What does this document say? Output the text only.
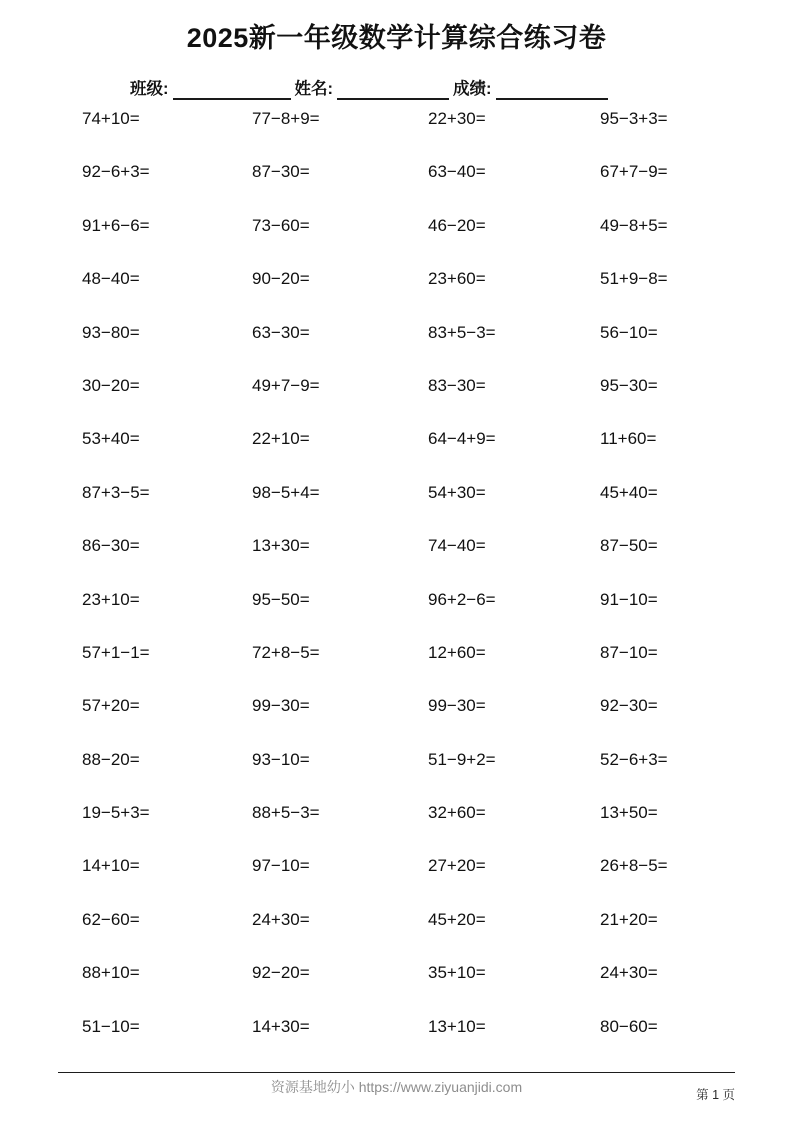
2025新一年级数学计算综合练习卷
班级:	姓名:	成绩:
74+10=	77−8+9=	22+30=	95−3+3=
92−6+3=	87−30=	63−40=	67+7−9=
91+6−6=	73−60=	46−20=	49−8+5=
48−40=	90−20=	23+60=	51+9−8=
93−80=	63−30=	83+5−3=	56−10=
30−20=	49+7−9=	83−30=	95−30=
53+40=	22+10=	64−4+9=	11+60=
87+3−5=	98−5+4=	54+30=	45+40=
86−30=	13+30=	74−40=	87−50=
23+10=	95−50=	96+2−6=	91−10=
57+1−1=	72+8−5=	12+60=	87−10=
57+20=	99−30=	99−30=	92−30=
88−20=	93−10=	51−9+2=	52−6+3=
19−5+3=	88+5−3=	32+60=	13+50=
14+10=	97−10=	27+20=	26+8−5=
62−60=	24+30=	45+20=	21+20=
88+10=	92−20=	35+10=	24+30=
51−10=	14+30=	13+10=	80−60=
资源基地幼小 https://www.ziyuanjidi.com	第 1 页
